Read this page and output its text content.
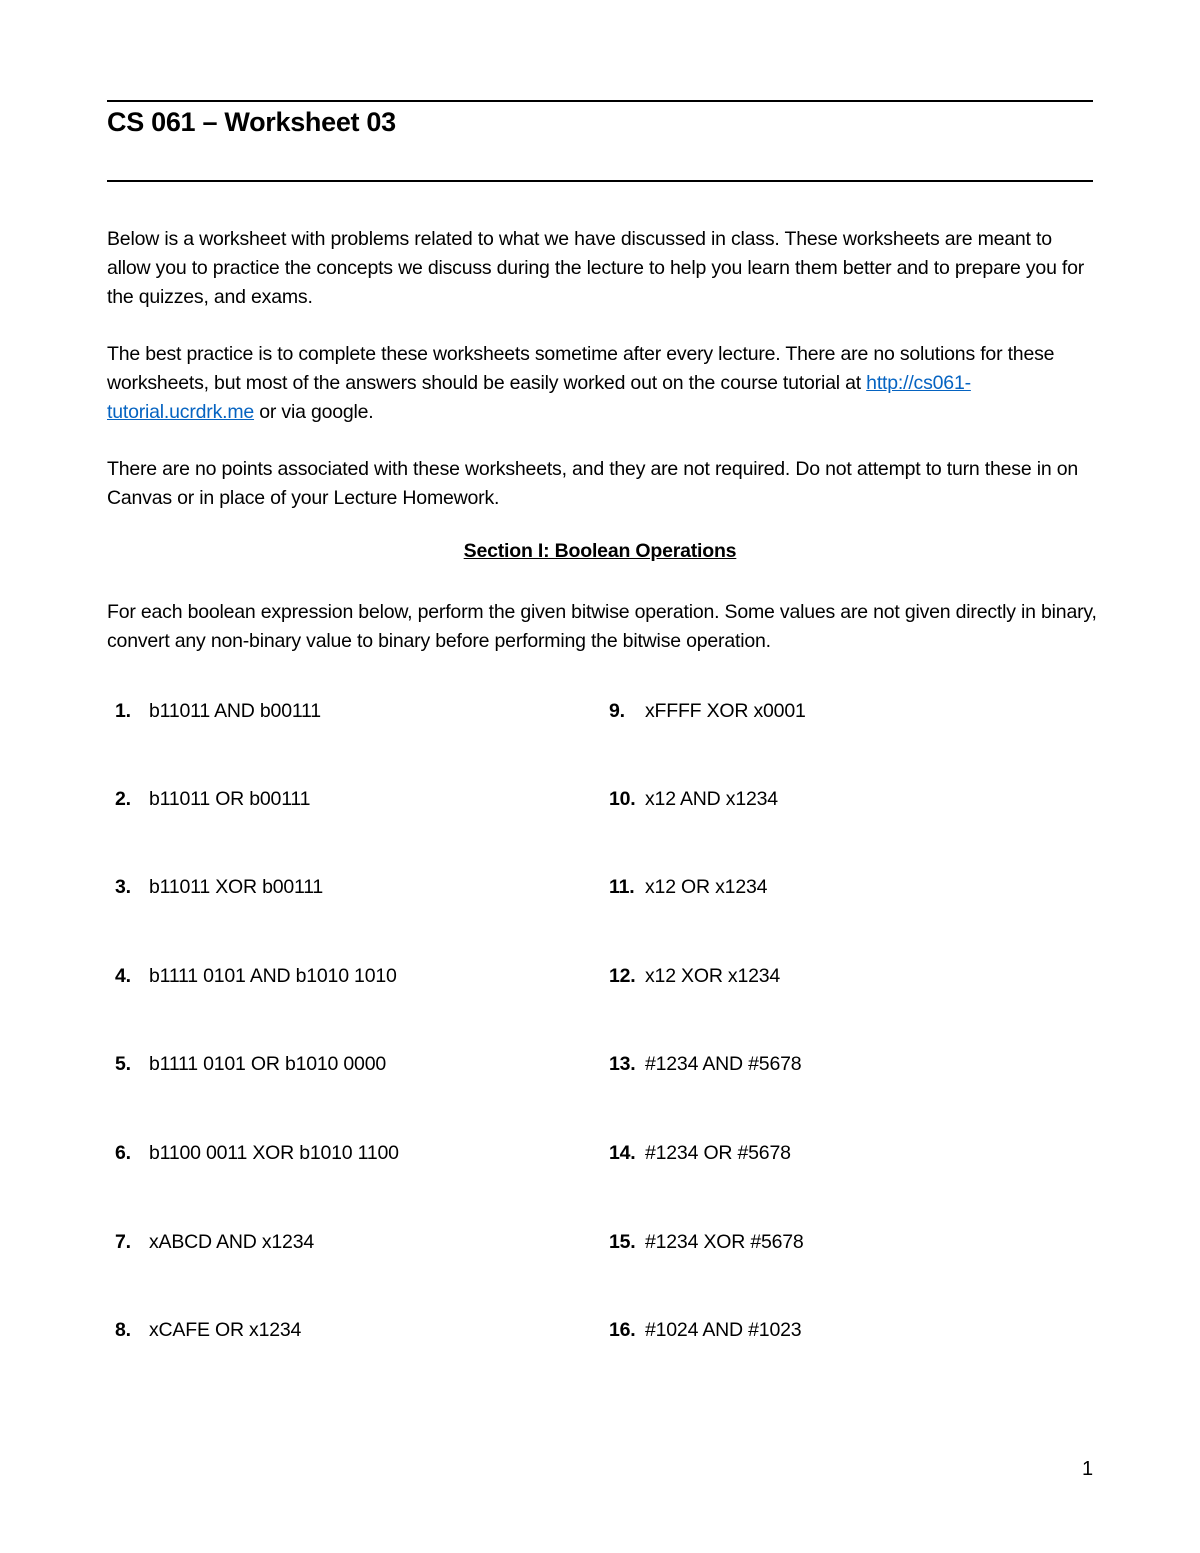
CS 061 – Worksheet 03
Below is a worksheet with problems related to what we have discussed in class. These worksheets are meant to allow you to practice the concepts we discuss during the lecture to help you learn them better and to prepare you for the quizzes, and exams.
The best practice is to complete these worksheets sometime after every lecture. There are no solutions for these worksheets, but most of the answers should be easily worked out on the course tutorial at http://cs061-tutorial.ucrdrk.me or via google.
There are no points associated with these worksheets, and they are not required. Do not attempt to turn these in on Canvas or in place of your Lecture Homework.
Section I: Boolean Operations
For each boolean expression below, perform the given bitwise operation. Some values are not given directly in binary, convert any non-binary value to binary before performing the bitwise operation.
1. b11011 AND b00111
2. b11011 OR b00111
3. b11011 XOR b00111
4. b1111 0101 AND b1010 1010
5. b1111 0101 OR b1010 0000
6. b1100 0011 XOR b1010 1100
7. xABCD AND x1234
8. xCAFE OR x1234
9. xFFFF XOR x0001
10. x12 AND x1234
11. x12 OR x1234
12. x12 XOR x1234
13. #1234 AND #5678
14. #1234 OR #5678
15. #1234 XOR #5678
16. #1024 AND #1023
1
